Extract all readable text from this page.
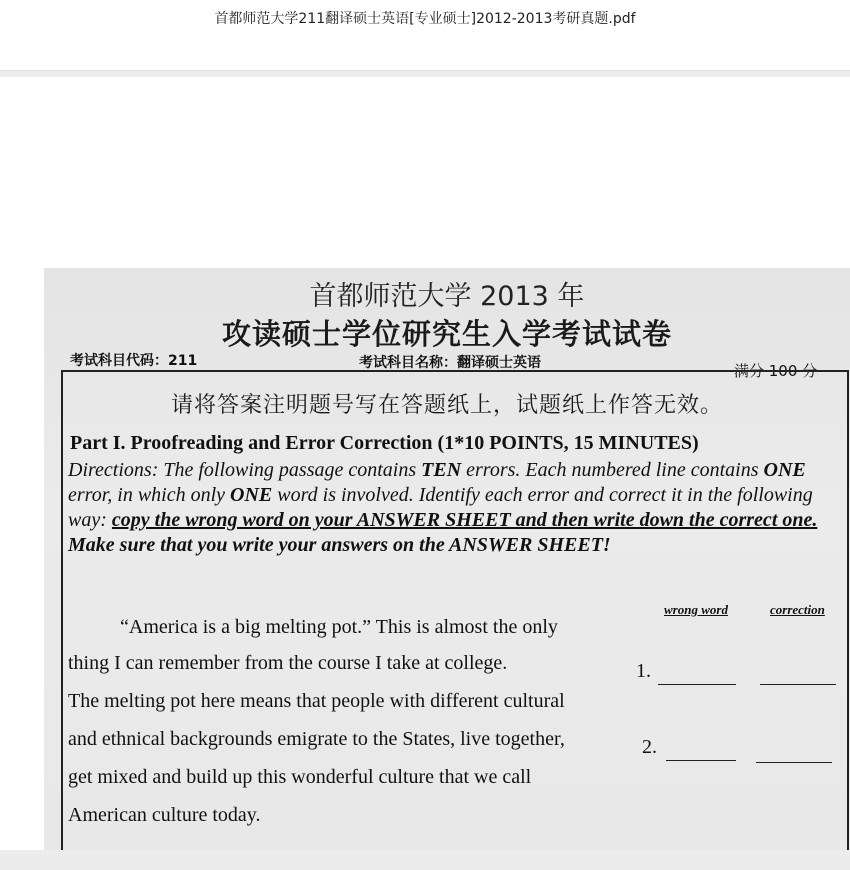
首都师范大学211翻译硕士英语[专业硕士]2012-2013考研真题.pdf
首都师范大学 2013 年
攻读硕士学位研究生入学考试试卷
考试科目代码：211	考试科目名称：翻译硕士英语	满分 100 分
请将答案注明题号写在答题纸上，试题纸上作答无效。
Part I. Proofreading and Error Correction (1*10 POINTS, 15 MINUTES)
Directions: The following passage contains TEN errors. Each numbered line contains ONE error, in which only ONE word is involved. Identify each error and correct it in the following way: copy the wrong word on your ANSWER SHEET and then write down the correct one. Make sure that you write your answers on the ANSWER SHEET!
wrong word	correction
“America is a big melting pot.” This is almost the only
thing I can remember from the course I take at college.
The melting pot here means that people with different cultural
and ethnical backgrounds emigrate to the States, live together,
get mixed and build up this wonderful culture that we call
American culture today.
1.
2.
